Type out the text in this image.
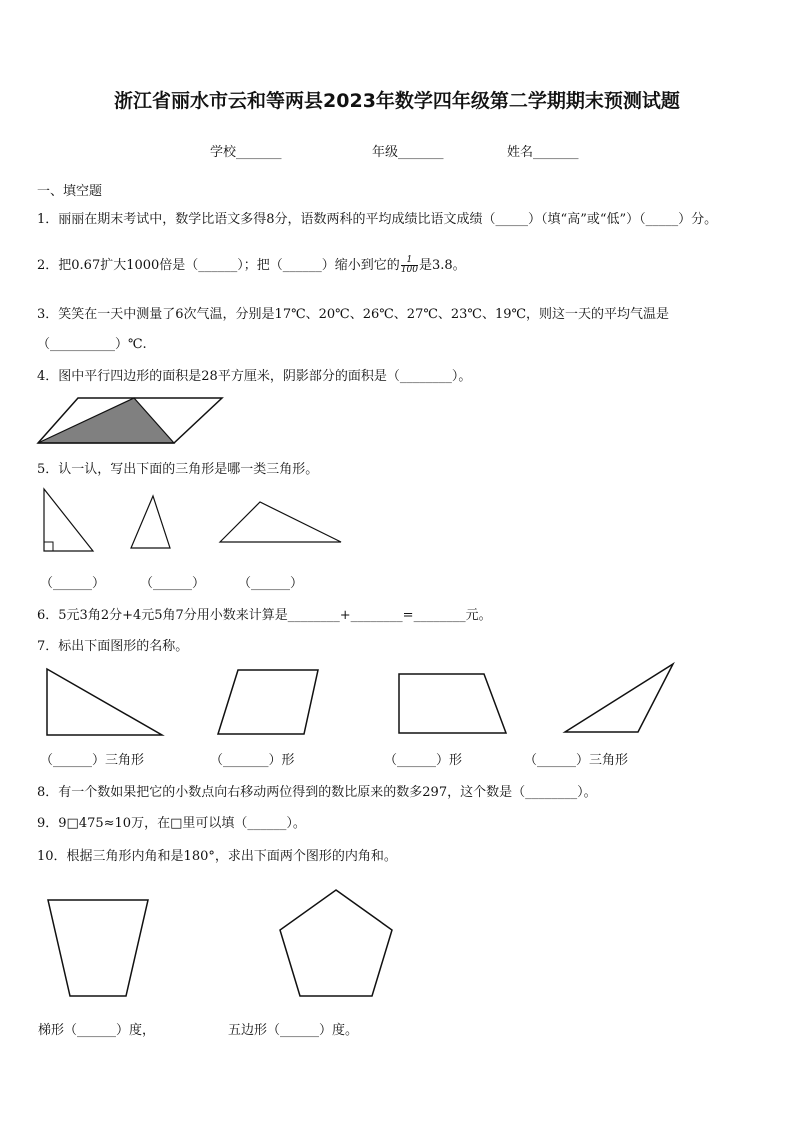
浙江省丽水市云和等两县2023年数学四年级第二学期期末预测试题
学校_______	年级_______	姓名_______
一、填空题
1．丽丽在期末考试中，数学比语文多得8分，语数两科的平均成绩比语文成绩（_____）（填“高”或“低”）（_____）分。
2．把0.67扩大1000倍是（______）；把（______）缩小到它的 $\frac{1}{100}$ 是3.8。
3．笑笑在一天中测量了6次气温，分别是17℃、20℃、26℃、27℃、23℃、19℃，则这一天的平均气温是
（__________）℃.
4．图中平行四边形的面积是28平方厘米，阴影部分的面积是（________）。
5．认一认，写出下面的三角形是哪一类三角形。
（______）	（______）	（______）
6．5元3角2分+4元5角7分用小数来计算是________+________=________元。
7．标出下面图形的名称。
（______）三角形	（_______）形	（______）形	（______）三角形
8．有一个数如果把它的小数点向右移动两位得到的数比原来的数多297，这个数是（________）。
9．9□475≈10万，在□里可以填（______）。
10．根据三角形内角和是180°，求出下面两个图形的内角和。
梯形（______）度，	五边形（______）度。
